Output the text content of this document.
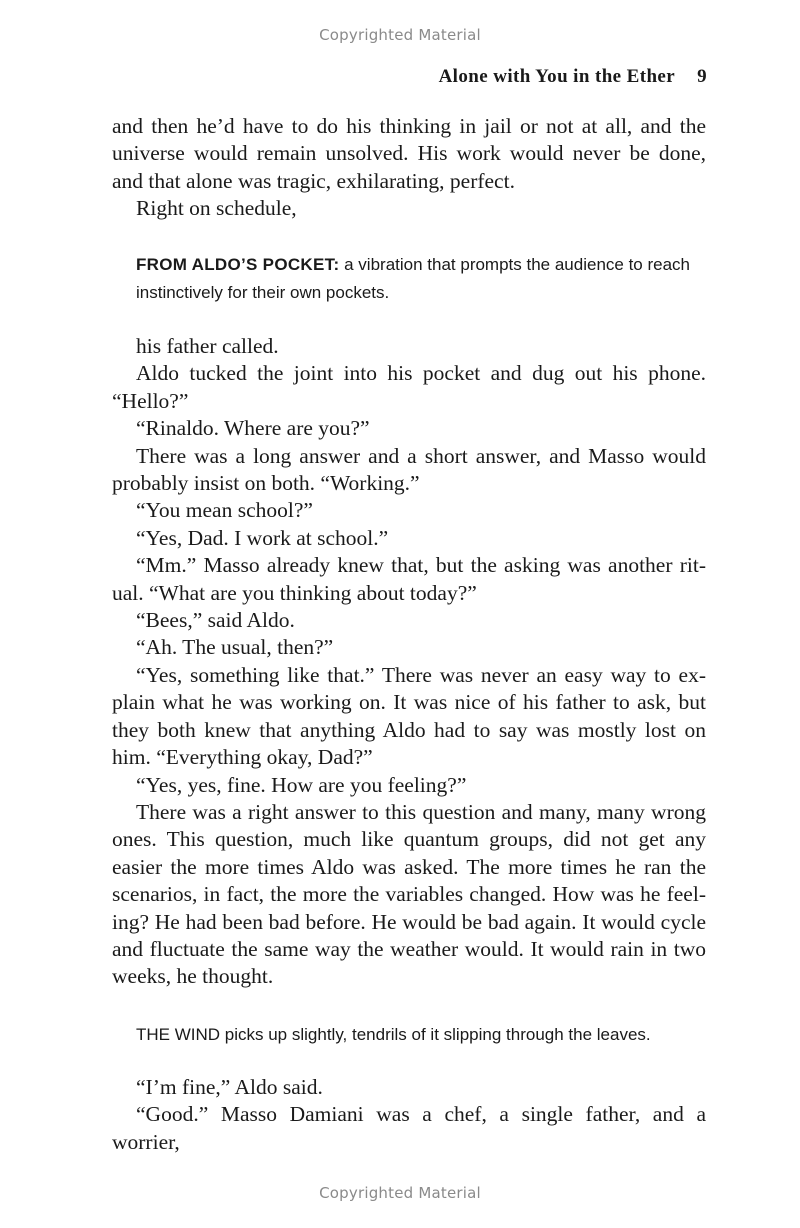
Copyrighted Material
Alone with You in the Ether 9

and then he’d have to do his thinking in jail or not at all, and the universe would remain unsolved. His work would never be done, and that alone was tragic, exhilarating, perfect.

Right on schedule,

FROM ALDO’S POCKET: a vibration that prompts the audience to reach instinctively for their own pockets.

his father called.

Aldo tucked the joint into his pocket and dug out his phone. “Hello?”

“Rinaldo. Where are you?”

There was a long answer and a short answer, and Masso would probably insist on both. “Working.”

“You mean school?”

“Yes, Dad. I work at school.”

“Mm.” Masso already knew that, but the asking was another ritual. “What are you thinking about today?”

“Bees,” said Aldo.

“Ah. The usual, then?”

“Yes, something like that.” There was never an easy way to explain what he was working on. It was nice of his father to ask, but they both knew that anything Aldo had to say was mostly lost on him. “Everything okay, Dad?”

“Yes, yes, fine. How are you feeling?”

There was a right answer to this question and many, many wrong ones. This question, much like quantum groups, did not get any easier the more times Aldo was asked. The more times he ran the scenarios, in fact, the more the variables changed. How was he feeling? He had been bad before. He would be bad again. It would cycle and fluctuate the same way the weather would. It would rain in two weeks, he thought.

THE WIND picks up slightly, tendrils of it slipping through the leaves.

“I’m fine,” Aldo said.

“Good.” Masso Damiani was a chef, a single father, and a worrier,

Copyrighted Material
